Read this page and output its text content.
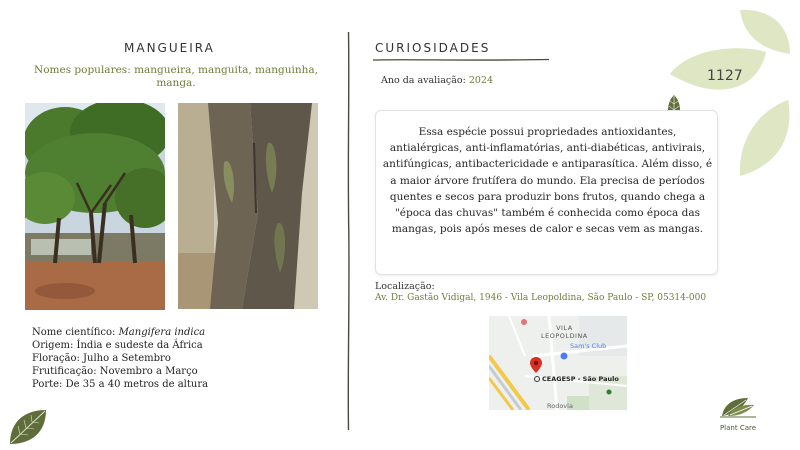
1127
MANGUEIRA
Nomes populares: mangueira, manguita, manguinha, manga.
Nome científico: Mangifera indica
Origem: Índia e sudeste da África
Floração: Julho a Setembro
Frutificação: Novembro a Março
Porte: De 35 a 40 metros de altura
CURIOSIDADES
Ano da avaliação: 2024

Essa espécie possui propriedades antioxidantes, antialérgicas, anti-inflamatórias, anti-diabéticas, antivirais, antifúngicas, antibactericidade e antiparasítica. Além disso, é a maior árvore frutífera do mundo. Ela precisa de períodos quentes e secos para produzir bons frutos, quando chega a "época das chuvas" também é conhecida como época das mangas, pois após meses de calor e secas vem as mangas.

Localização:
Av. Dr. Gastão Vidigal, 1946 - Vila Leopoldina, São Paulo - SP, 05314-000
VILA
LEOPOLDINA
Sam's Club
CEAGESP - São Paulo
Rodovia
Plant Care
